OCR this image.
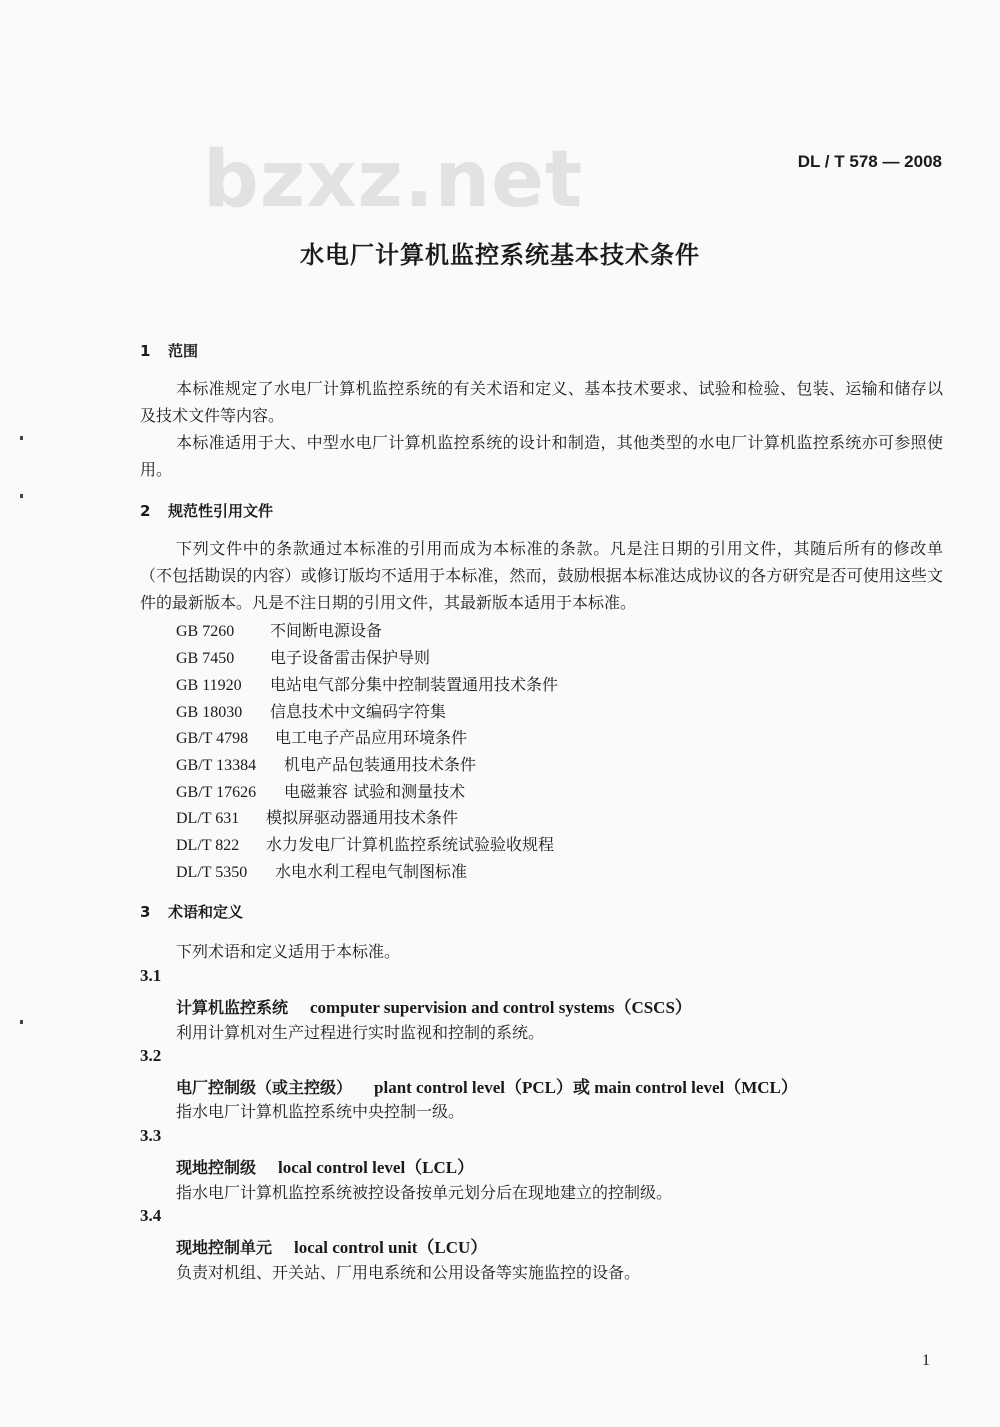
bzxz.net	DL / T 578 — 2008
水电厂计算机监控系统基本技术条件
1 范围
本标准规定了水电厂计算机监控系统的有关术语和定义、基本技术要求、试验和检验、包装、运输和储存以及技术文件等内容。
本标准适用于大、中型水电厂计算机监控系统的设计和制造，其他类型的水电厂计算机监控系统亦可参照使用。
2 规范性引用文件
下列文件中的条款通过本标准的引用而成为本标准的条款。凡是注日期的引用文件，其随后所有的修改单（不包括勘误的内容）或修订版均不适用于本标准，然而，鼓励根据本标准达成协议的各方研究是否可使用这些文件的最新版本。凡是不注日期的引用文件，其最新版本适用于本标准。
GB 7260 不间断电源设备
GB 7450 电子设备雷击保护导则
GB 11920 电站电气部分集中控制装置通用技术条件
GB 18030 信息技术中文编码字符集
GB/T 4798 电工电子产品应用环境条件
GB/T 13384 机电产品包装通用技术条件
GB/T 17626 电磁兼容 试验和测量技术
DL/T 631 模拟屏驱动器通用技术条件
DL/T 822 水力发电厂计算机监控系统试验验收规程
DL/T 5350 水电水利工程电气制图标准
3 术语和定义
下列术语和定义适用于本标准。
3.1
计算机监控系统 computer supervision and control systems（CSCS）
利用计算机对生产过程进行实时监视和控制的系统。
3.2
电厂控制级（或主控级） plant control level（PCL）或 main control level（MCL）
指水电厂计算机监控系统中央控制一级。
3.3
现地控制级 local control level（LCL）
指水电厂计算机监控系统被控设备按单元划分后在现地建立的控制级。
3.4
现地控制单元 local control unit（LCU）
负责对机组、开关站、厂用电系统和公用设备等实施监控的设备。
1
